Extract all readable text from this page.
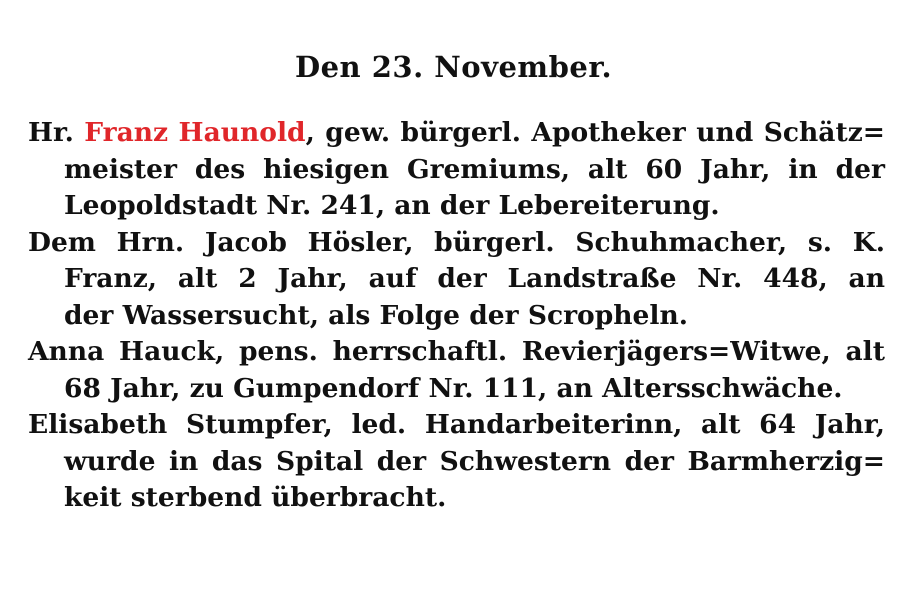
Den 23. November.
Hr. Franz Haunold, gew. bürgerl. Apotheker und Schätz=
meister des hiesigen Gremiums, alt 60 Jahr, in der
Leopoldstadt Nr. 241, an der Lebereiterung.
Dem Hrn. Jacob Hösler, bürgerl. Schuhmacher, s. K.
Franz, alt 2 Jahr, auf der Landstraße Nr. 448, an
der Wassersucht, als Folge der Scropheln.
Anna Hauck, pens. herrschaftl. Revierjägers=Witwe, alt
68 Jahr, zu Gumpendorf Nr. 111, an Altersschwäche.
Elisabeth Stumpfer, led. Handarbeiterinn, alt 64 Jahr,
wurde in das Spital der Schwestern der Barmherzig=
keit sterbend überbracht.
